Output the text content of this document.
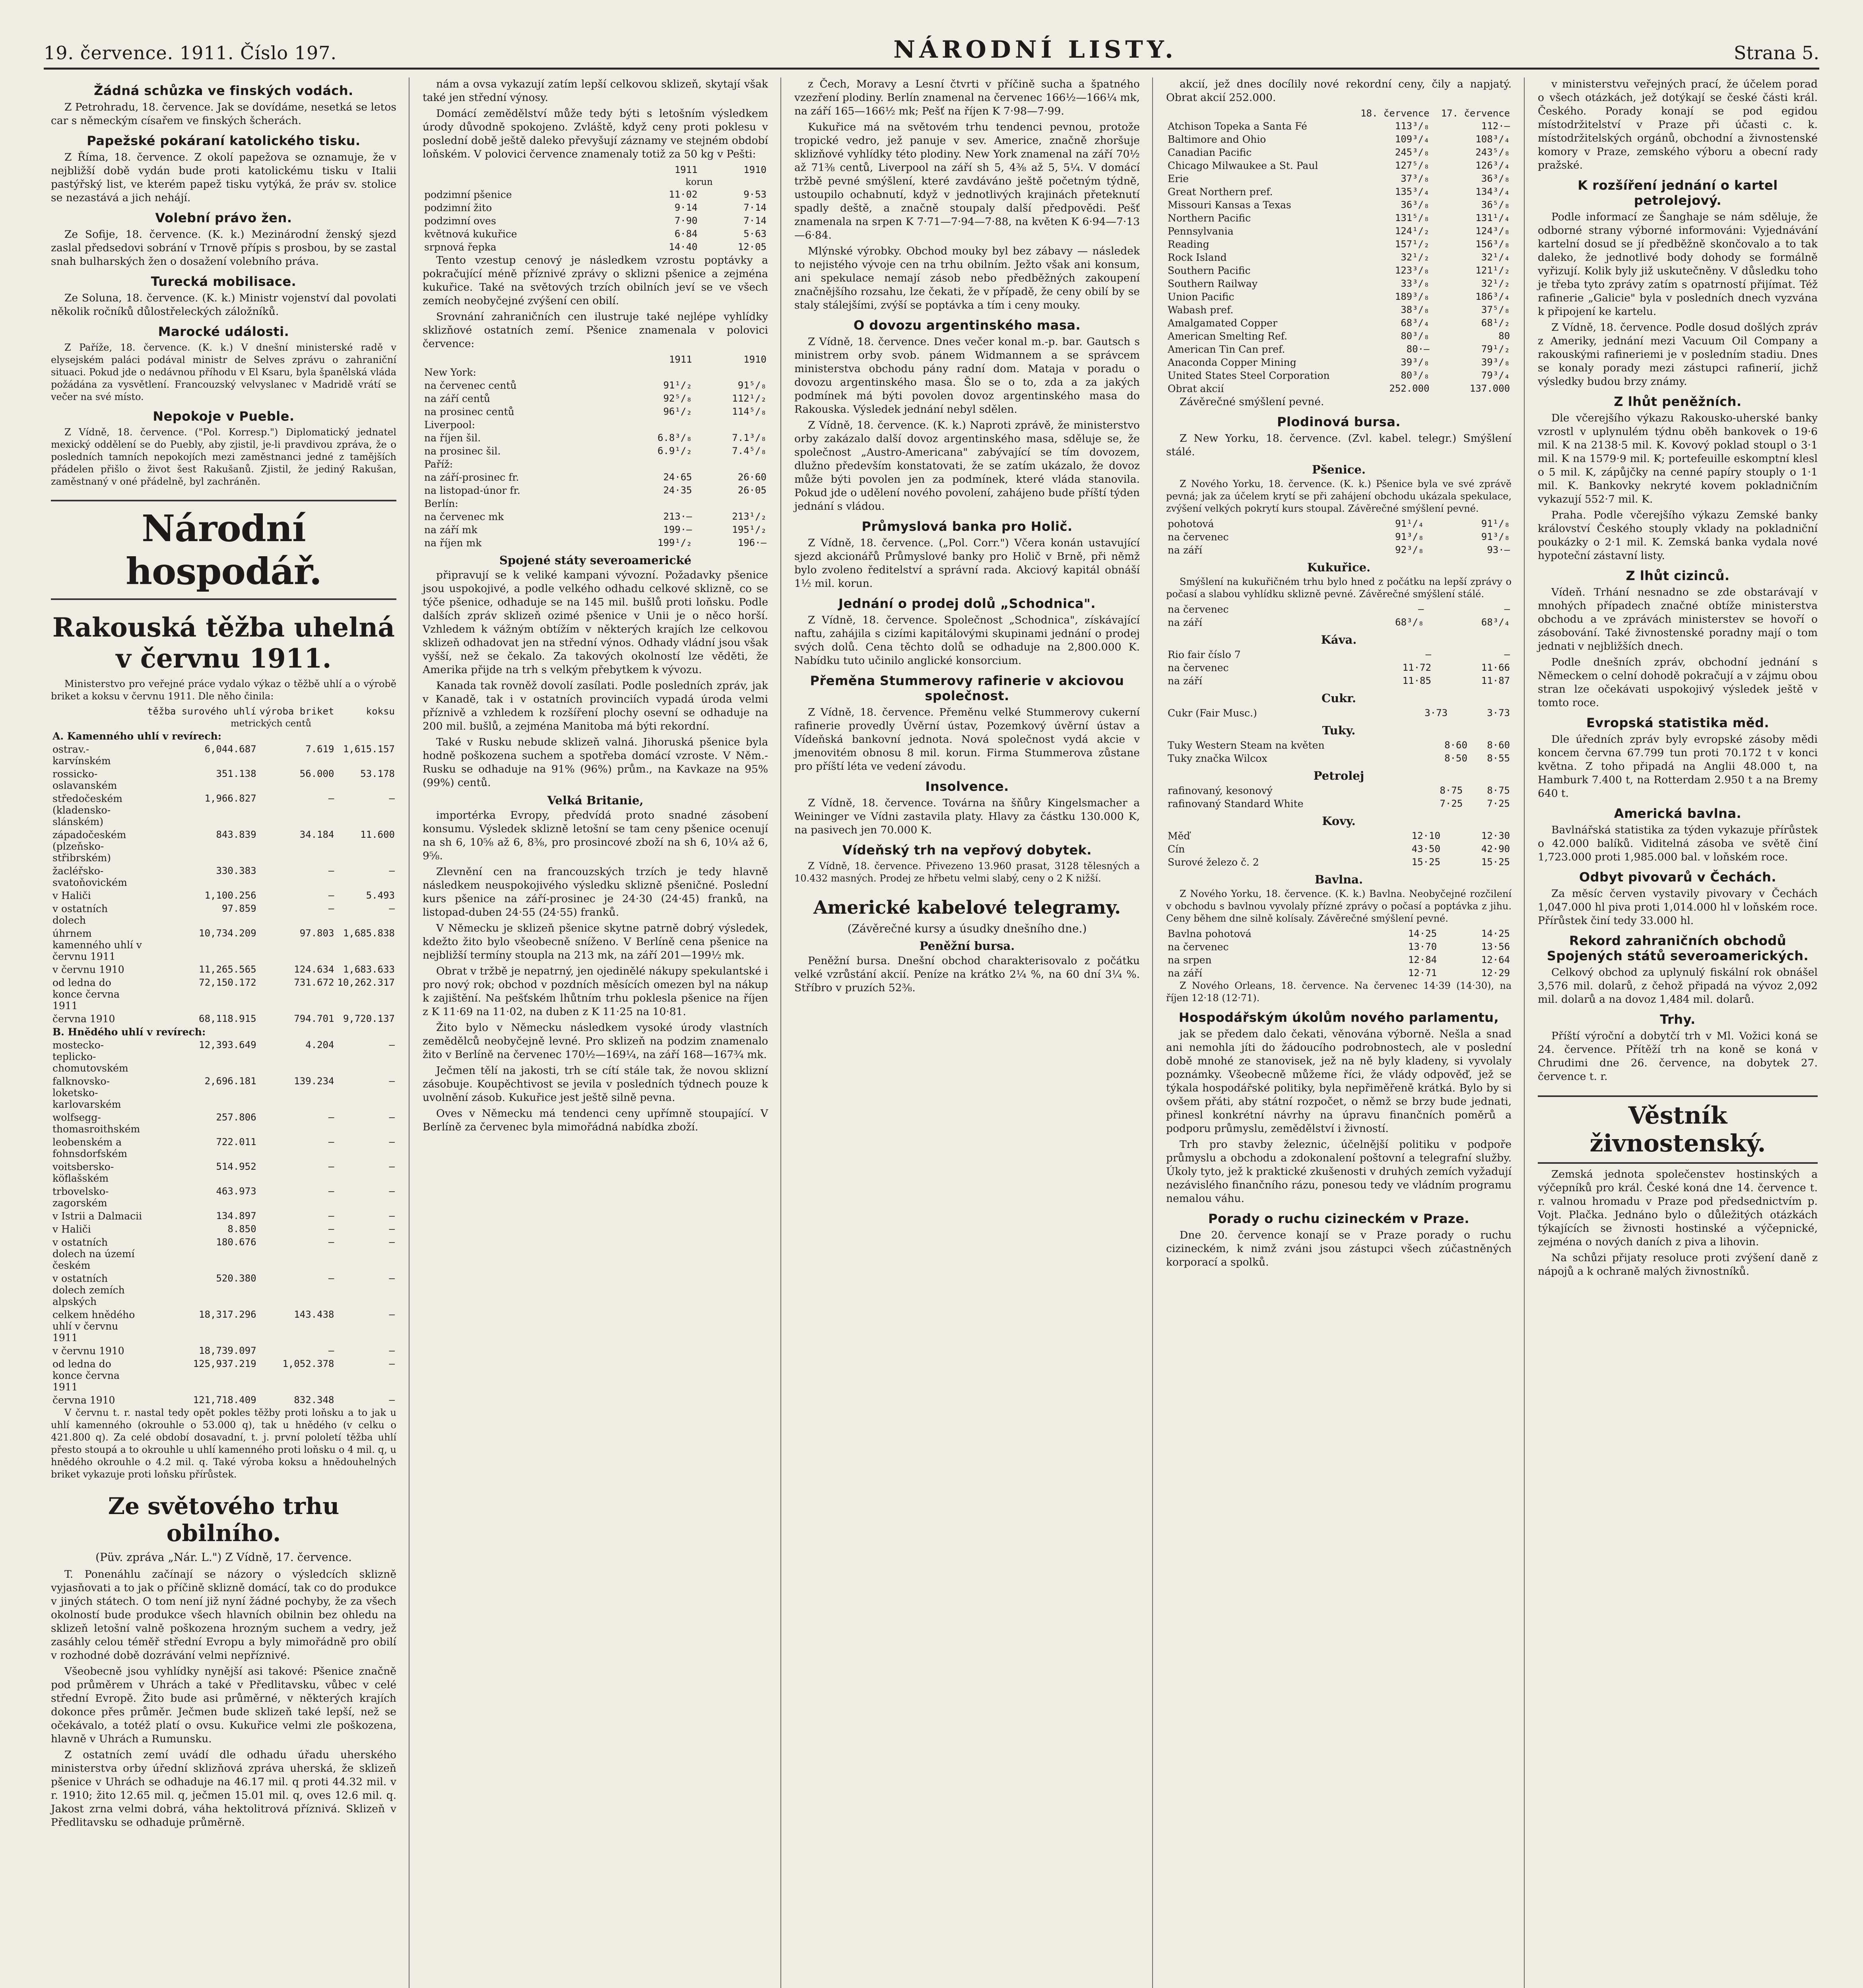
19. července. 1911. Číslo 197.	NÁRODNÍ LISTY.	Strana 5.
Žádná schůzka ve finských vodách.

Z Petrohradu, 18. července. Jak se dovídáme, nesetká se letos car s německým císařem ve finských šcherách.

Papežské pokáraní katolického tisku.

Z Říma, 18. července. Z okolí papežova se oznamuje, že v nejbližší době vydán bude proti katolickému tisku v Italii pastýřský list, ve kterém papež tisku vytýká, že práv sv. stolice se nezastává a jich nehájí.

Volební právo žen.

Ze Sofije, 18. července. (K. k.) Mezinárodní ženský sjezd zaslal předsedovi sobrání v Trnově přípis s prosbou, by se zastal snah bulharských žen o dosažení volebního práva.

Turecká mobilisace.

Ze Soluna, 18. července. (K. k.) Ministr vojenství dal povolati několik ročníků důlostřeleckých záložníků.

Marocké události.

Z Paříže, 18. července. (K. k.) V dnešní ministerské radě v elysejském paláci podával ministr de Selves zprávu o zahraniční situaci. Pokud jde o nedávnou příhodu v El Ksaru, byla španělská vláda požádána za vysvětlení. Francouzský velvyslanec v Madridě vrátí se večer na své místo.

Nepokoje v Pueble.

Z Vídně, 18. července. ("Pol. Korresp.") Diplomatický jednatel mexický oddělení se do Puebly, aby zjistil, je-li pravdivou zpráva, že o posledních tamních nepokojích mezi zaměstnanci jedné z tamějších přádelen přišlo o život šest Rakušanů. Zjistil, že jediný Rakušan, zaměstnaný v oné přádelně, byl zachráněn.

Národní hospodář.
Rakouská těžba uhelná v červnu 1911.

Ministerstvo pro veřejné práce vydalo výkaz o těžbě uhlí a o výrobě briket a koksu v červnu 1911. Dle něho činila:

	těžba surového uhlí	výroba briket	koksu
	metrických centů		
A. Kamenného uhlí v revírech:			
ostrav.-karvínském	6,044.687	7.619	1,615.157
rossicko-oslavanském	351.138	56.000	53.178
středočeském (kladensko-slánském)	1,966.827	—	—
západočeském (plzeňsko-střibrském)	843.839	34.184	11.600
žacléřsko-svatoňovickém	330.383	—	—
v Haliči	1,100.256	—	5.493
v ostatních dolech	97.859	—	—
úhrnem kamenného uhlí v červnu 1911	10,734.209	97.803	1,685.838
v červnu 1910	11,265.565	124.634	1,683.633
od ledna do konce června 1911	72,150.172	731.672	10,262.317
června 1910	68,118.915	794.701	9,720.137
B. Hnědého uhlí v revírech:			
mostecko-teplicko-chomutovském	12,393.649	4.204	—
falknovsko-loketsko-karlovarském	2,696.181	139.234	—
wolfsegg-thomasroithském	257.806	—	—
leobenském a fohnsdorfském	722.011	—	—
voitsbersko-köflašském	514.952	—	—
trbovelsko-zagorském	463.973	—	—
v Istrii a Dalmacii	134.897	—	—
v Haliči	8.850	—	—
v ostatních dolech na území českém	180.676	—	—
v ostatních dolech zemích alpských	520.380	—	—
celkem hnědého uhlí v červnu 1911	18,317.296	143.438	—
v červnu 1910	18,739.097	—	—
od ledna do konce června 1911	125,937.219	1,052.378	—
června 1910	121,718.409	832.348	—

V červnu t. r. nastal tedy opět pokles těžby proti loňsku a to jak u uhlí kamenného (okrouhle o 53.000 q), tak u hnědého (v celku o 421.800 q). Za celé období dosavadní, t. j. první pololetí těžba uhlí přesto stoupá a to okrouhle u uhlí kamenného proti loňsku o 4 mil. q, u hnědého okrouhle o 4.2 mil. q. Také výroba koksu a hnědouhelných briket vykazuje proti loňsku přírůstek.

Ze světového trhu obilního.
(Püv. zpráva „Nár. L.") Z Vídně, 17. července.

T. Ponenáhlu začínají se názory o výsledcích sklizně vyjasňovati a to jak o příčině sklizně domácí, tak co do produkce v jiných státech. O tom není již nyní žádné pochyby, že za všech okolností bude produkce všech hlavních obilnin bez ohledu na sklizeň letošní valně poškozena hrozným suchem a vedry, jež zasáhly celou téměř střední Evropu a byly mimořádně pro obilí v rozhodné době dozrávání velmi nepříznivé.

Všeobecně jsou vyhlídky nynější asi takové: Pšenice značně pod průměrem v Uhrách a také v Předlitavsku, vůbec v celé střední Evropě. Žito bude asi průměrné, v některých krajích dokonce přes průměr. Ječmen bude sklizeň také lepší, než se očekávalo, a totéž platí o ovsu. Kukuřice velmi zle poškozena, hlavně v Uhrách a Rumunsku.

Z ostatních zemí uvádí dle odhadu úřadu uherského ministerstva orby úřední sklizňová zpráva uherská, že sklizeň pšenice v Uhrách se odhaduje na 46.17 mil. q proti 44.32 mil. v r. 1910; žito 12.65 mil. q, ječmen 15.01 mil. q, oves 12.6 mil. q. Jakost zrna velmi dobrá, váha hektolitrová příznivá. Sklizeň v Předlitavsku se odhaduje průměrně.

nám a ovsa vykazují zatím lepší celkovou sklizeň, skytají však také jen střední výnosy.

Domácí zemědělství může tedy býti s letošním výsledkem úrody důvodně spokojeno. Zvláště, když ceny proti poklesu v poslední době ještě daleko převyšují záznamy ve stejném období loňském. V polovici července znamenaly totiž za 50 kg v Pešti:

	1911	1910
	korun	
podzimní pšenice	11·02	9·53
podzimní žito	9·14	7·14
podzimní oves	7·90	7·14
květnová kukuřice	6·84	5·63
srpnová řepka	14·40	12·05

Tento vzestup cenový je následkem vzrostu poptávky a pokračující méně příznivé zprávy o sklizni pšenice a zejména kukuřice. Také na světových trzích obilních jeví se ve všech zemích neobyčejné zvýšení cen obilí.

Srovnání zahraničních cen ilustruje také nejlépe vyhlídky sklizňové ostatních zemí. Pšenice znamenala v polovici července:

	1911	1910
New York:		
na červenec centů	91¹/₂	91⁵/₈
na září centů	92⁵/₈	112¹/₂
na prosinec centů	96¹/₂	114⁵/₈
Liverpool:		
na říjen šil.	6.8³/₈	7.1³/₈
na prosinec šil.	6.9¹/₂	7.4⁵/₈
Paříž:		
na září-prosinec fr.	24·65	26·60
na listopad-únor fr.	24·35	26·05
Berlín:		
na červenec mk	213·—	213¹/₂
na září mk	199·—	195¹/₂
na říjen mk	199¹/₂	196·—
Spojené státy severoamerické

připravují se k veliké kampani vývozní. Požadavky pšenice jsou uspokojivé, a podle velkého odhadu celkové sklizně, co se týče pšenice, odhaduje se na 145 mil. bušlů proti loňsku. Podle dalších zpráv sklizeň ozimé pšenice v Unii je o něco horší. Vzhledem k vážným obtížím v některých krajích lze celkovou sklizeň odhadovat jen na střední výnos. Odhady vládní jsou však vyšší, než se čekalo. Za takových okolností lze věděti, že Amerika přijde na trh s velkým přebytkem k vývozu.

Kanada tak rovněž dovolí zasílati. Podle posledních zpráv, jak v Kanadě, tak i v ostatních provinciích vypadá úroda velmi příznivě a vzhledem k rozšíření plochy osevní se odhaduje na 200 mil. bušlů, a zejména Manitoba má býti rekordní.

Také v Rusku nebude sklizeň valná. Jihoruská pšenice byla hodně poškozena suchem a spotřeba domácí vzroste. V Něm.-Rusku se odhaduje na 91% (96%) prům., na Kavkaze na 95% (99%) centů.

Velká Britanie,

importérka Evropy, předvídá proto snadné zásobení konsumu. Výsledek sklizně letošní se tam ceny pšenice ocenují na sh 6, 10⅝ až 6, 8⅜, pro prosincové zboží na sh 6, 10¼ až 6, 9⅝.

Zlevnění cen na francouzských trzích je tedy hlavně následkem neuspokojivého výsledku sklizně pšeničné. Poslední kurs pšenice na září-prosinec je 24·30 (24·45) franků, na listopad-duben 24·55 (24·55) franků.

V Německu je sklizeň pšenice skytne patrně dobrý výsledek, kdežto žito bylo všeobecně sníženo. V Berlíně cena pšenice na nejbližší termíny stoupla na 213 mk, na září 201—199½ mk.

Obrat v tržbě je nepatrný, jen ojedinělé nákupy spekulantské i pro nový rok; obchod v pozdních měsících omezen byl na nákup k zajištění. Na pešťském lhůtním trhu poklesla pšenice na říjen z K 11·69 na 11·02, na duben z K 11·25 na 10·81.

Žito bylo v Německu následkem vysoké úrody vlastních zemědělců neobyčejně levné. Pro sklizeň na podzim znamenalo žito v Berlíně na červenec 170½—169¼, na září 168—167¾ mk.

Ječmen tělí na jakosti, trh se cítí stále tak, že novou sklizní zásobuje. Koupěchtivost se jevila v posledních týdnech pouze k uvolnění zásob. Kukuřice jest ještě silně pevna.

Oves v Německu má tendenci ceny upřímně stoupající. V Berlíně za červenec byla mimořádná nabídka zboží.

z Čech, Moravy a Lesní čtvrti v příčině sucha a špatného vzezření plodiny. Berlín znamenal na červenec 166½—166¼ mk, na září 165—166½ mk; Pešť na říjen K 7·98—7·99.

Kukuřice má na světovém trhu tendenci pevnou, protože tropické vedro, jež panuje v sev. Americe, značně zhoršuje sklizňové vyhlídky této plodiny. New York znamenal na září 70½ až 71⅜ centů, Liverpool na září sh 5, 4⅜ až 5, 5¼. V domácí tržbě pevné smýšlení, které zavdáváno ještě početným týdně, ustoupilo ochabnutí, když v jednotlivých krajinách přeteknutí spadly deště, a značně stoupaly další předpovědi. Pešť znamenala na srpen K 7·71—7·94—7·88, na květen K 6·94—7·13—6·84.

Mlýnské výrobky. Obchod mouky byl bez zábavy — následek to nejistého vývoje cen na trhu obilním. Ježto však ani konsum, ani spekulace nemají zásob nebo předběžných zakoupení značnějšího rozsahu, lze čekati, že v případě, že ceny obilí by se staly stálejšími, zvýší se poptávka a tím i ceny mouky.

O dovozu argentinského masa.

Z Vídně, 18. července. Dnes večer konal m.-p. bar. Gautsch s ministrem orby svob. pánem Widmannem a se správcem ministerstva obchodu pány radní dom. Mataja v poradu o dovozu argentinského masa. Šlo se o to, zda a za jakých podmínek má býti povolen dovoz argentinského masa do Rakouska. Výsledek jednání nebyl sdělen.

Z Vídně, 18. července. (K. k.) Naproti zprávě, že ministerstvo orby zakázalo další dovoz argentinského masa, sděluje se, že společnost „Austro-Americana" zabývající se tím dovozem, dlužno především konstatovati, že se zatím ukázalo, že dovoz může býti povolen jen za podmínek, které vláda stanovila. Pokud jde o udělení nového povolení, zahájeno bude příští týden jednání s vládou.

Průmyslová banka pro Holič.

Z Vídně, 18. července. („Pol. Corr.") Včera konán ustavující sjezd akcionářů Průmyslové banky pro Holič v Brně, při němž bylo zvoleno ředitelství a správní rada. Akciový kapitál obnáší 1½ mil. korun.

Jednání o prodej dolů „Schodnica".

Z Vídně, 18. července. Společnost „Schodnica", získávající naftu, zahájila s cizími kapitálovými skupinami jednání o prodej svých dolů. Cena těchto dolů se odhaduje na 2,800.000 K. Nabídku tuto učinilo anglické konsorcium.

Přeměna Stummerovy rafinerie v akciovou společnost.

Z Vídně, 18. července. Přeměnu velké Stummerovy cukerní rafinerie provedly Úvěrní ústav, Pozemkový úvěrní ústav a Vídeňská bankovní jednota. Nová společnost vydá akcie v jmenovitém obnosu 8 mil. korun. Firma Stummerova zůstane pro příští léta ve vedení závodu.

Insolvence.

Z Vídně, 18. července. Továrna na šňůry Kingelsmacher a Weininger ve Vídni zastavila platy. Hlavy za částku 130.000 K, na pasivech jen 70.000 K.

Vídeňský trh na vepřový dobytek.

Z Vídně, 18. července. Přivezeno 13.960 prasat, 3128 tělesných a 10.432 masných. Prodej ze hřbetu velmi slabý, ceny o 2 K nižší.

Americké kabelové telegramy.
(Závěrečné kursy a úsudky dnešního dne.)
Peněžní bursa.

Peněžní bursa. Dnešní obchod charakterisovalo z počátku velké vzrůstání akcií. Peníze na krátko 2¼ %, na 60 dní 3¼ %. Stříbro v pruzích 52⅜.

akcií, jež dnes docílily nové rekordní ceny, čily a napjatý. Obrat akcií 252.000.

	18. července	17. července
Atchison Topeka a Santa Fé	113³/₈	112·—
Baltimore and Ohio	109³/₄	108³/₄
Canadian Pacific	245³/₈	243⁵/₈
Chicago Milwaukee a St. Paul	127⁵/₈	126³/₄
Erie	37³/₈	36³/₈
Great Northern pref.	135³/₄	134³/₄
Missouri Kansas a Texas	36³/₈	36⁵/₈
Northern Pacific	131⁵/₈	131¹/₄
Pennsylvania	124¹/₂	124³/₈
Reading	157¹/₂	156³/₈
Rock Island	32¹/₂	32¹/₄
Southern Pacific	123³/₈	121¹/₂
Southern Railway	33³/₈	32¹/₂
Union Pacific	189³/₈	186³/₄
Wabash pref.	38³/₈	37⁵/₈
Amalgamated Copper	68³/₄	68¹/₂
American Smelting Ref.	80³/₈	80
American Tin Can pref.	80·—	79¹/₂
Anaconda Copper Mining	39³/₈	39³/₈
United States Steel Corporation	80³/₈	79³/₄
Obrat akcií	252.000	137.000

Závěrečné smýšlení pevné.

Plodinová bursa.

Z New Yorku, 18. července. (Zvl. kabel. telegr.) Smýšlení stálé.

Pšenice.

Z Nového Yorku, 18. července. (K. k.) Pšenice byla ve své zprávě pevná; jak za účelem krytí se při zahájení obchodu ukázala spekulace, zvýšení velkých pokrytí kurs stoupal. Závěrečné smýšlení pevné.

pohotová	91¹/₄	91¹/₈
na červenec	91³/₈	91³/₈
na září	92³/₈	93·—
Kukuřice.

Smýšlení na kukuřičném trhu bylo hned z počátku na lepší zprávy o počasí a slabou vyhlídku sklizně pevné. Závěrečné smýšlení stálé.

na červenec	—	—
na září	68³/₈	68³/₄
Káva.
Rio fair číslo 7	—	—
na červenec	11·72	11·66
na září	11·85	11·87
Cukr.
Cukr (Fair Musc.)	3·73	3·73
Tuky.
Tuky Western Steam na květen	8·60	8·60
Tuky značka Wilcox	8·50	8·55
Petrolej
rafinovaný, kesonový	8·75	8·75
rafinovaný Standard White	7·25	7·25
Kovy.
Měď	12·10	12·30
Cín	43·50	42·90
Surové železo č. 2	15·25	15·25
Bavlna.

Z Nového Yorku, 18. července. (K. k.) Bavlna. Neobyčejné rozčilení v obchodu s bavlnou vyvolaly přízné zprávy o počasí a poptávka z jihu. Ceny během dne silně kolísaly. Závěrečné smýšlení pevné.

Bavlna pohotová	14·25	14·25
na červenec	13·70	13·56
na srpen	12·84	12·64
na září	12·71	12·29

Z Nového Orleans, 18. července. Na červenec 14·39 (14·30), na říjen 12·18 (12·71).

Hospodářským úkolům nového parlamentu,

jak se předem dalo čekati, věnována výborně. Nešla a snad ani nemohla jíti do žádoucího podrobnostech, ale v poslední době mnohé ze stanovisek, jež na ně byly kladeny, si vyvolaly poznámky. Všeobecně můžeme říci, že vlády odpověď, jež se týkala hospodářské politiky, byla nepřiměřeně krátká. Bylo by si ovšem přáti, aby státní rozpočet, o němž se brzy bude jednati, přinesl konkrétní návrhy na úpravu finančních poměrů a podporu průmyslu, zemědělství i živností.

Trh pro stavby železnic, účelnější politiku v podpoře průmyslu a obchodu a zdokonalení poštovní a telegrafní služby. Úkoly tyto, jež k praktické zkušenosti v druhých zemích vyžadují nezávislého finančního rázu, ponesou tedy ve vládním programu nemalou váhu.

Porady o ruchu cizineckém v Praze.

Dne 20. července konají se v Praze porady o ruchu cizineckém, k nimž zváni jsou zástupci všech zúčastněných korporací a spolků.

v ministerstvu veřejných prací, že účelem porad o všech otázkách, jež dotýkají se české části král. Českého. Porady konají se pod egidou místodržitelství v Praze při účasti c. k. místodržitelských orgánů, obchodní a živnostenské komory v Praze, zemského výboru a obecní rady pražské.

K rozšíření jednání o kartel petrolejový.

Podle informací ze Šanghaje se nám sděluje, že odborné strany výborné informováni: Vyjednávání kartelní dosud se jí předběžně skončovalo a to tak daleko, že jednotlivé body dohody se formálně vyřizují. Kolik byly již uskutečněny. V důsledku toho je třeba tyto zprávy zatím s opatrností přijímat. Též rafinerie „Galicie" byla v posledních dnech vyzvána k připojení ke kartelu.

Z Vídně, 18. července. Podle dosud došlých zpráv z Ameriky, jednání mezi Vacuum Oil Company a rakouskými rafineriemi je v posledním stadiu. Dnes se konaly porady mezi zástupci rafinerií, jichž výsledky budou brzy známy.

Z lhůt peněžních.

Dle včerejšího výkazu Rakousko-uherské banky vzrostl v uplynulém týdnu oběh bankovek o 19·6 mil. K na 2138·5 mil. K. Kovový poklad stoupl o 3·1 mil. K na 1579·9 mil. K; portefeuille eskomptní klesl o 5 mil. K, zápůjčky na cenné papíry stouply o 1·1 mil. K. Bankovky nekryté kovem pokladničním vykazují 552·7 mil. K.

Praha. Podle včerejšího výkazu Zemské banky království Českého stouply vklady na pokladniční poukázky o 2·1 mil. K. Zemská banka vydala nové hypoteční zástavní listy.

Z lhůt cizinců.

Vídeň. Trhání nesnadno se zde obstarávají v mnohých případech značné obtíže ministerstva obchodu a ve zprávách ministerstev se hovoří o zásobování. Také živnostenské poradny mají o tom jednati v nejbližších dnech.

Podle dnešních zpráv, obchodní jednání s Německem o celní dohodě pokračují a v zájmu obou stran lze očekávati uspokojivý výsledek ještě v tomto roce.

Evropská statistika měd.

Dle úředních zpráv byly evropské zásoby mědi koncem června 67.799 tun proti 70.172 t v konci května. Z toho připadá na Anglii 48.000 t, na Hamburk 7.400 t, na Rotterdam 2.950 t a na Bremy 640 t.

Americká bavlna.

Bavlnářská statistika za týden vykazuje přírůstek o 42.000 balíků. Viditelná zásoba ve světě činí 1,723.000 proti 1,985.000 bal. v loňském roce.

Odbyt pivovarů v Čechách.

Za měsíc červen vystavily pivovary v Čechách 1,047.000 hl piva proti 1,014.000 hl v loňském roce. Přírůstek činí tedy 33.000 hl.

Rekord zahraničních obchodů Spojených států severoamerických.

Celkový obchod za uplynulý fiskální rok obnášel 3,576 mil. dolarů, z čehož připadá na vývoz 2,092 mil. dolarů a na dovoz 1,484 mil. dolarů.

Trhy.

Příští výroční a dobytčí trh v Ml. Vožici koná se 24. července. Přítěží trh na koně se koná v Chrudimi dne 26. července, na dobytek 27. července t. r.

Věstník živnostenský.

Zemská jednota společenstev hostinských a výčepníků pro král. České koná dne 14. července t. r. valnou hromadu v Praze pod předsednictvím p. Vojt. Plačka. Jednáno bylo o důležitých otázkách týkajících se živnosti hostinské a výčepnické, zejména o nových daních z piva a lihovin.

Na schůzi přijaty resoluce proti zvýšení daně z nápojů a k ochraně malých živnostníků.
